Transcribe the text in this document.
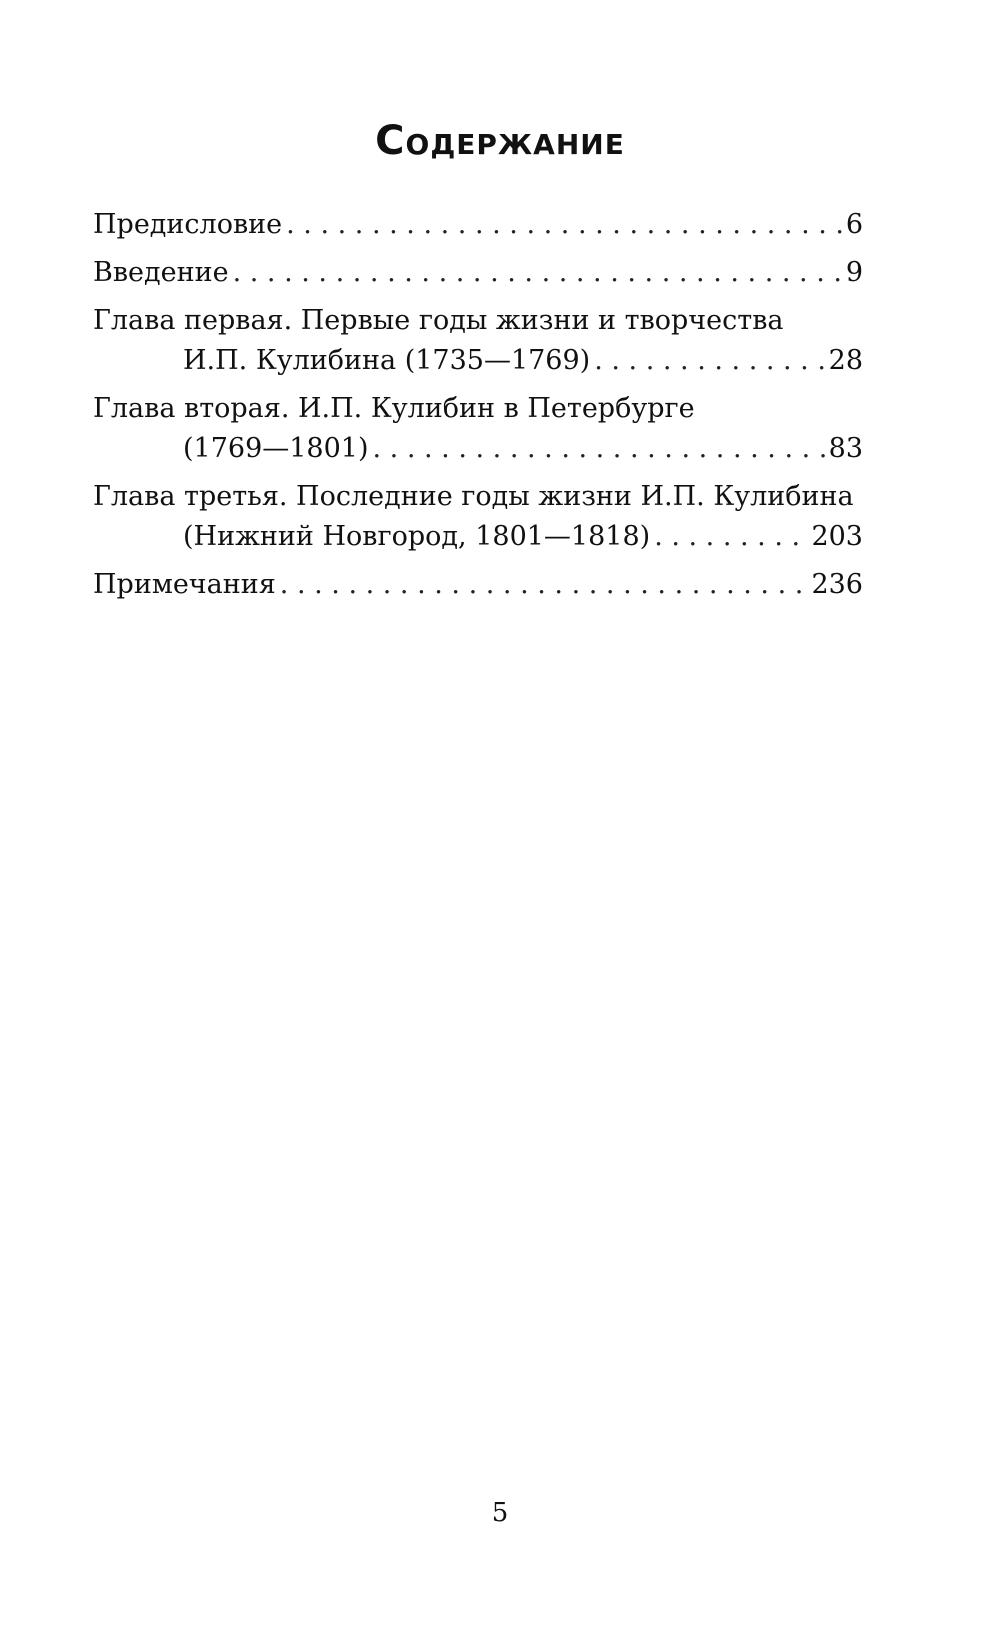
Содержание
Предисловие . . .	6
Введение . . .	9
Глава первая. Первые годы жизни и творчества
И.П. Кулибина (1735—1769) . . .	28
Глава вторая. И.П. Кулибин в Петербурге
(1769—1801) . . .	83
Глава третья. Последние годы жизни И.П. Кулибина
(Нижний Новгород, 1801—1818) . . .	203
Примечания . . .	236
5
